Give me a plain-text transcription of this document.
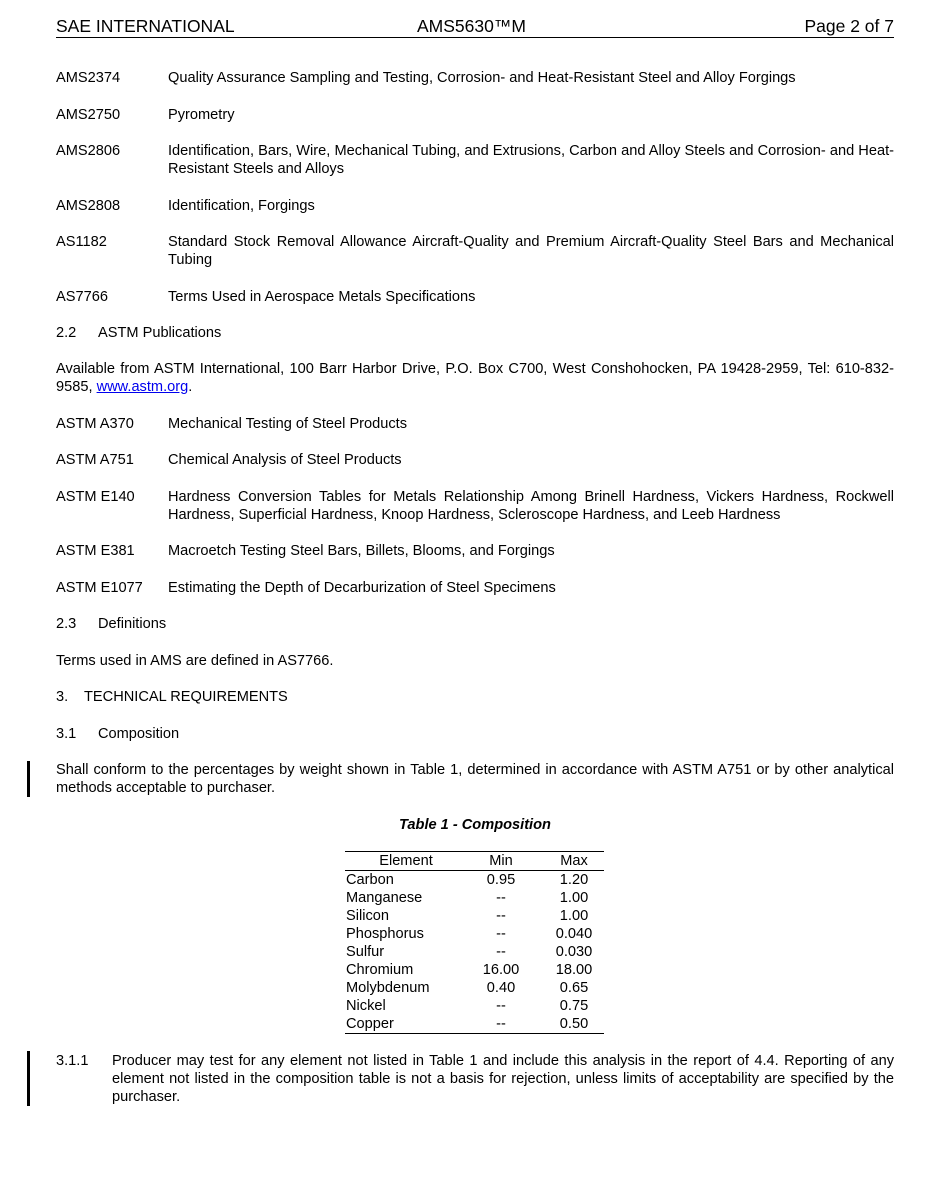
SAE INTERNATIONAL	AMS5630™M	Page 2 of 7
AMS2374	Quality Assurance Sampling and Testing, Corrosion- and Heat-Resistant Steel and Alloy Forgings
AMS2750	Pyrometry
AMS2806	Identification, Bars, Wire, Mechanical Tubing, and Extrusions, Carbon and Alloy Steels and Corrosion- and Heat-Resistant Steels and Alloys
AMS2808	Identification, Forgings
AS1182	Standard Stock Removal Allowance Aircraft-Quality and Premium Aircraft-Quality Steel Bars and Mechanical Tubing
AS7766	Terms Used in Aerospace Metals Specifications
2.2 ASTM Publications
Available from ASTM International, 100 Barr Harbor Drive, P.O. Box C700, West Conshohocken, PA 19428-2959, Tel: 610-832-9585, www.astm.org.
ASTM A370 Mechanical Testing of Steel Products
ASTM A751 Chemical Analysis of Steel Products
ASTM E140 Hardness Conversion Tables for Metals Relationship Among Brinell Hardness, Vickers Hardness, Rockwell Hardness, Superficial Hardness, Knoop Hardness, Scleroscope Hardness, and Leeb Hardness
ASTM E381 Macroetch Testing Steel Bars, Billets, Blooms, and Forgings
ASTM E1077 Estimating the Depth of Decarburization of Steel Specimens
2.3 Definitions
Terms used in AMS are defined in AS7766.
3. TECHNICAL REQUIREMENTS
3.1 Composition
Shall conform to the percentages by weight shown in Table 1, determined in accordance with ASTM A751 or by other analytical methods acceptable to purchaser.
Table 1 - Composition
Element	Min	Max
Carbon	0.95	1.20
Manganese	--	1.00
Silicon	--	1.00
Phosphorus	--	0.040
Sulfur	--	0.030
Chromium	16.00	18.00
Molybdenum	0.40	0.65
Nickel	--	0.75
Copper	--	0.50
3.1.1 Producer may test for any element not listed in Table 1 and include this analysis in the report of 4.4. Reporting of any element not listed in the composition table is not a basis for rejection, unless limits of acceptability are specified by the purchaser.
